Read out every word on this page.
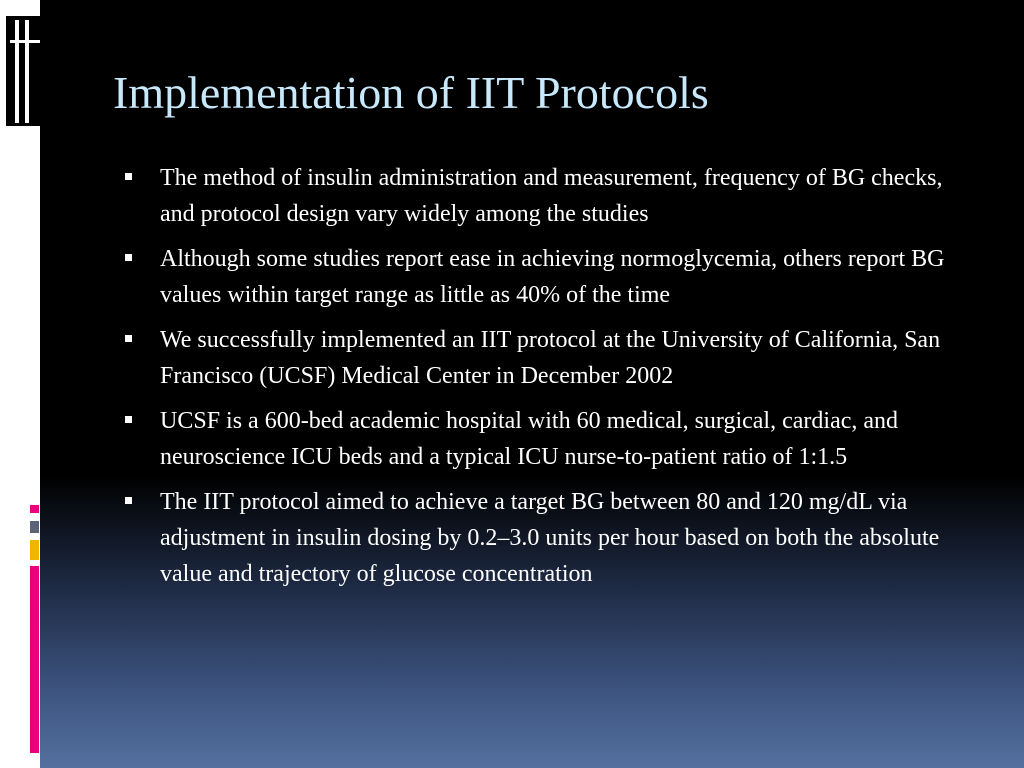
Implementation of IIT Protocols
The method of insulin administration and measurement, frequency of BG checks, and protocol design vary widely among the studies
Although some studies report ease in achieving normoglycemia, others report BG values within target range as little as 40% of the time
We successfully implemented an IIT protocol at the University of California, San Francisco (UCSF) Medical Center in December 2002
UCSF is a 600-bed academic hospital with 60 medical, surgical, cardiac, and neuroscience ICU beds and a typical ICU nurse-to-patient ratio of 1:1.5
The IIT protocol aimed to achieve a target BG between 80 and 120 mg/dL via adjustment in insulin dosing by 0.2–3.0 units per hour based on both the absolute value and trajectory of glucose concentration
